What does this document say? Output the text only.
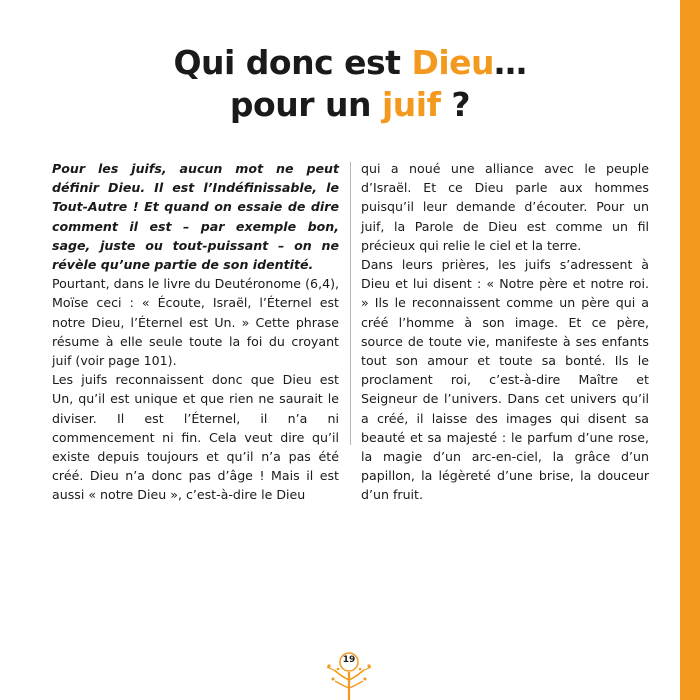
Qui donc est Dieu…
pour un juif ?

Pour les juifs, aucun mot ne peut définir Dieu. Il est l’Indéfinissable, le Tout-Autre ! Et quand on essaie de dire comment il est – par exemple bon, sage, juste ou tout-puissant – on ne révèle qu’une partie de son identité.

Pourtant, dans le livre du Deutéronome (6,4), Moïse ceci : « Écoute, Israël, l’Éternel est notre Dieu, l’Éternel est Un. » Cette phrase résume à elle seule toute la foi du croyant juif (voir page 101).

Les juifs reconnaissent donc que Dieu est Un, qu’il est unique et que rien ne saurait le diviser. Il est l’Éternel, il n’a ni commencement ni fin. Cela veut dire qu’il existe depuis toujours et qu’il n’a pas été créé. Dieu n’a donc pas d’âge ! Mais il est aussi « notre Dieu », c’est-à-dire le Dieu

qui a noué une alliance avec le peuple d’Israël. Et ce Dieu parle aux hommes puisqu’il leur demande d’écouter. Pour un juif, la Parole de Dieu est comme un fil précieux qui relie le ciel et la terre.

Dans leurs prières, les juifs s’adressent à Dieu et lui disent : « Notre père et notre roi. » Ils le reconnaissent comme un père qui a créé l’homme à son image. Et ce père, source de toute vie, manifeste à ses enfants tout son amour et toute sa bonté. Ils le proclament roi, c’est-à-dire Maître et Seigneur de l’univers. Dans cet univers qu’il a créé, il laisse des images qui disent sa beauté et sa majesté : le parfum d’une rose, la magie d’un arc-en-ciel, la grâce d’un papillon, la légèreté d’une brise, la douceur d’un fruit.

19
